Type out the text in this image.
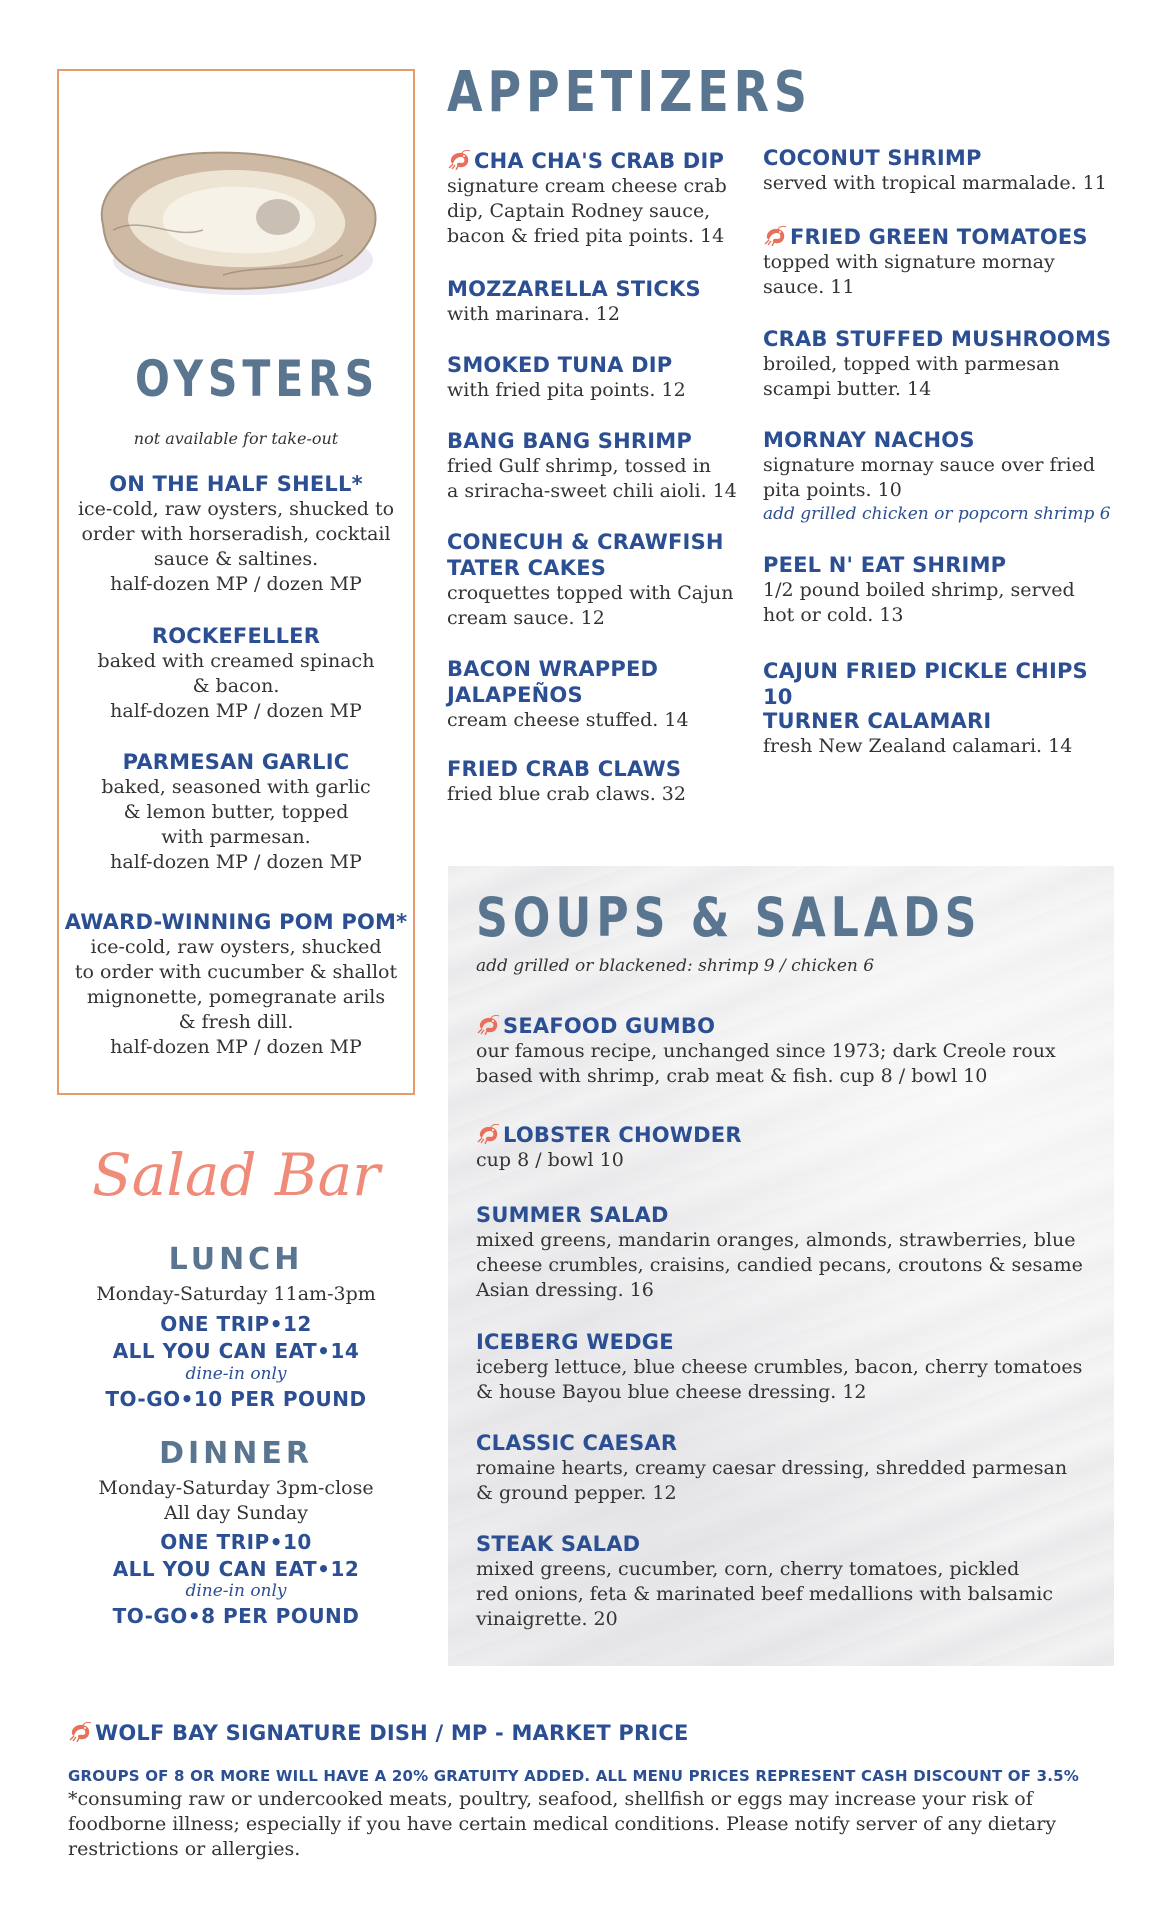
OYSTERS
not available for take-out
ON THE HALF SHELL*
ice-cold, raw oysters, shucked to
order with horseradish, cocktail
sauce & saltines.
half-dozen MP / dozen MP
ROCKEFELLER
baked with creamed spinach
& bacon.
half-dozen MP / dozen MP
PARMESAN GARLIC
baked, seasoned with garlic
& lemon butter, topped
with parmesan.
half-dozen MP / dozen MP
AWARD-WINNING POM POM*
ice-cold, raw oysters, shucked
to order with cucumber & shallot
mignonette, pomegranate arils
& fresh dill.
half-dozen MP / dozen MP
Salad Bar
LUNCH
Monday-Saturday 11am-3pm
ONE TRIP•12
ALL YOU CAN EAT•14
dine-in only
TO-GO•10 PER POUND
DINNER
Monday-Saturday 3pm-close
All day Sunday
ONE TRIP•10
ALL YOU CAN EAT•12
dine-in only
TO-GO•8 PER POUND
APPETIZERS
CHA CHA'S CRAB DIP
signature cream cheese crab
dip, Captain Rodney sauce,
bacon & fried pita points. 14
MOZZARELLA STICKS
with marinara. 12
SMOKED TUNA DIP
with fried pita points. 12
BANG BANG SHRIMP
fried Gulf shrimp, tossed in
a sriracha-sweet chili aioli. 14
CONECUH & CRAWFISH
TATER CAKES
croquettes topped with Cajun
cream sauce. 12
BACON WRAPPED
JALAPEÑOS
cream cheese stuffed. 14
FRIED CRAB CLAWS
fried blue crab claws. 32
COCONUT SHRIMP
served with tropical marmalade. 11
FRIED GREEN TOMATOES
topped with signature mornay
sauce. 11
CRAB STUFFED MUSHROOMS
broiled, topped with parmesan
scampi butter. 14
MORNAY NACHOS
signature mornay sauce over fried
pita points. 10
add grilled chicken or popcorn shrimp 6
PEEL N' EAT SHRIMP
1/2 pound boiled shrimp, served
hot or cold. 13
CAJUN FRIED PICKLE CHIPS 10
TURNER CALAMARI
fresh New Zealand calamari. 14
SOUPS & SALADS
add grilled or blackened: shrimp 9 / chicken 6
SEAFOOD GUMBO
our famous recipe, unchanged since 1973; dark Creole roux
based with shrimp, crab meat & fish. cup 8 / bowl 10
LOBSTER CHOWDER
cup 8 / bowl 10
SUMMER SALAD
mixed greens, mandarin oranges, almonds, strawberries, blue
cheese crumbles, craisins, candied pecans, croutons & sesame
Asian dressing. 16
ICEBERG WEDGE
iceberg lettuce, blue cheese crumbles, bacon, cherry tomatoes
& house Bayou blue cheese dressing. 12
CLASSIC CAESAR
romaine hearts, creamy caesar dressing, shredded parmesan
& ground pepper. 12
STEAK SALAD
mixed greens, cucumber, corn, cherry tomatoes, pickled
red onions, feta & marinated beef medallions with balsamic
vinaigrette. 20
WOLF BAY SIGNATURE DISH / MP - MARKET PRICE
GROUPS OF 8 OR MORE WILL HAVE A 20% GRATUITY ADDED. ALL MENU PRICES REPRESENT CASH DISCOUNT OF 3.5%
*consuming raw or undercooked meats, poultry, seafood, shellfish or eggs may increase your risk of
foodborne illness; especially if you have certain medical conditions. Please notify server of any dietary
restrictions or allergies.
